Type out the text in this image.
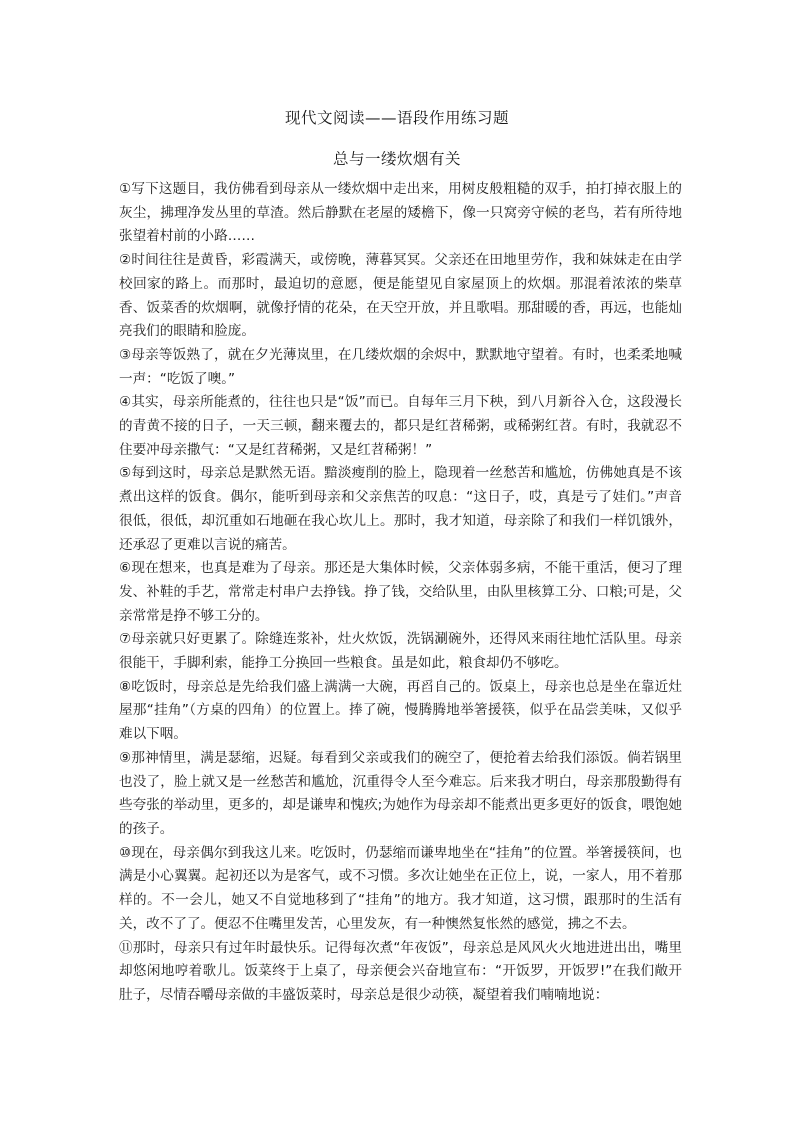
现代文阅读——语段作用练习题
总与一缕炊烟有关

①写下这题目，我仿佛看到母亲从一缕炊烟中走出来，用树皮般粗糙的双手，拍打掉衣服上的灰尘，拂理净发丛里的草渣。然后静默在老屋的矮檐下，像一只窝旁守候的老鸟，若有所待地张望着村前的小路……

②时间往往是黄昏，彩霞满天，或傍晚，薄暮冥冥。父亲还在田地里劳作，我和妹妹走在由学校回家的路上。而那时，最迫切的意愿，便是能望见自家屋顶上的炊烟。那混着浓浓的柴草香、饭菜香的炊烟啊，就像抒情的花朵，在天空开放，并且歌唱。那甜暖的香，再远，也能灿亮我们的眼睛和脸庞。

③母亲等饭熟了，就在夕光薄岚里，在几缕炊烟的余烬中，默默地守望着。有时，也柔柔地喊一声：“吃饭了噢。”

④其实，母亲所能煮的，往往也只是“饭”而已。自每年三月下秧，到八月新谷入仓，这段漫长的青黄不接的日子，一天三顿，翻来覆去的，都只是红苕稀粥，或稀粥红苕。有时，我就忍不住要冲母亲撒气：“又是红苕稀粥，又是红苕稀粥！”

⑤每到这时，母亲总是默然无语。黯淡瘦削的脸上，隐现着一丝愁苦和尴尬，仿佛她真是不该煮出这样的饭食。偶尔，能听到母亲和父亲焦苦的叹息：“这日子，哎，真是亏了娃们。”声音很低，很低，却沉重如石地砸在我心坎儿上。那时，我才知道，母亲除了和我们一样饥饿外，还承忍了更难以言说的痛苦。

⑥现在想来，也真是难为了母亲。那还是大集体时候，父亲体弱多病，不能干重活，便习了理发、补鞋的手艺，常常走村串户去挣钱。挣了钱，交给队里，由队里核算工分、口粮;可是，父亲常常是挣不够工分的。

⑦母亲就只好更累了。除缝连浆补，灶火炊饭，洗锅涮碗外，还得风来雨往地忙活队里。母亲很能干，手脚利索，能挣工分换回一些粮食。虽是如此，粮食却仍不够吃。

⑧吃饭时，母亲总是先给我们盛上满满一大碗，再舀自己的。饭桌上，母亲也总是坐在靠近灶屋那“挂角”（方桌的四角）的位置上。捧了碗，慢腾腾地举箸援筷，似乎在品尝美味，又似乎难以下咽。

⑨那神情里，满是瑟缩，迟疑。每看到父亲或我们的碗空了，便抢着去给我们添饭。倘若锅里也没了，脸上就又是一丝愁苦和尴尬，沉重得令人至今难忘。后来我才明白，母亲那殷勤得有些夸张的举动里，更多的，却是谦卑和愧疚;为她作为母亲却不能煮出更多更好的饭食，喂饱她的孩子。

⑩现在，母亲偶尔到我这儿来。吃饭时，仍瑟缩而谦卑地坐在“挂角”的位置。举箸援筷间，也满是小心翼翼。起初还以为是客气，或不习惯。多次让她坐在正位上，说，一家人，用不着那样的。不一会儿，她又不自觉地移到了“挂角”的地方。我才知道，这习惯，跟那时的生活有关，改不了了。便忍不住嘴里发苦，心里发灰，有一种懊然复怅然的感觉，拂之不去。

⑪那时，母亲只有过年时最快乐。记得每次煮“年夜饭”，母亲总是风风火火地进进出出，嘴里却悠闲地哼着歌儿。饭菜终于上桌了，母亲便会兴奋地宣布：“开饭罗，开饭罗!”在我们敞开肚子，尽情吞嚼母亲做的丰盛饭菜时，母亲总是很少动筷，凝望着我们喃喃地说：
